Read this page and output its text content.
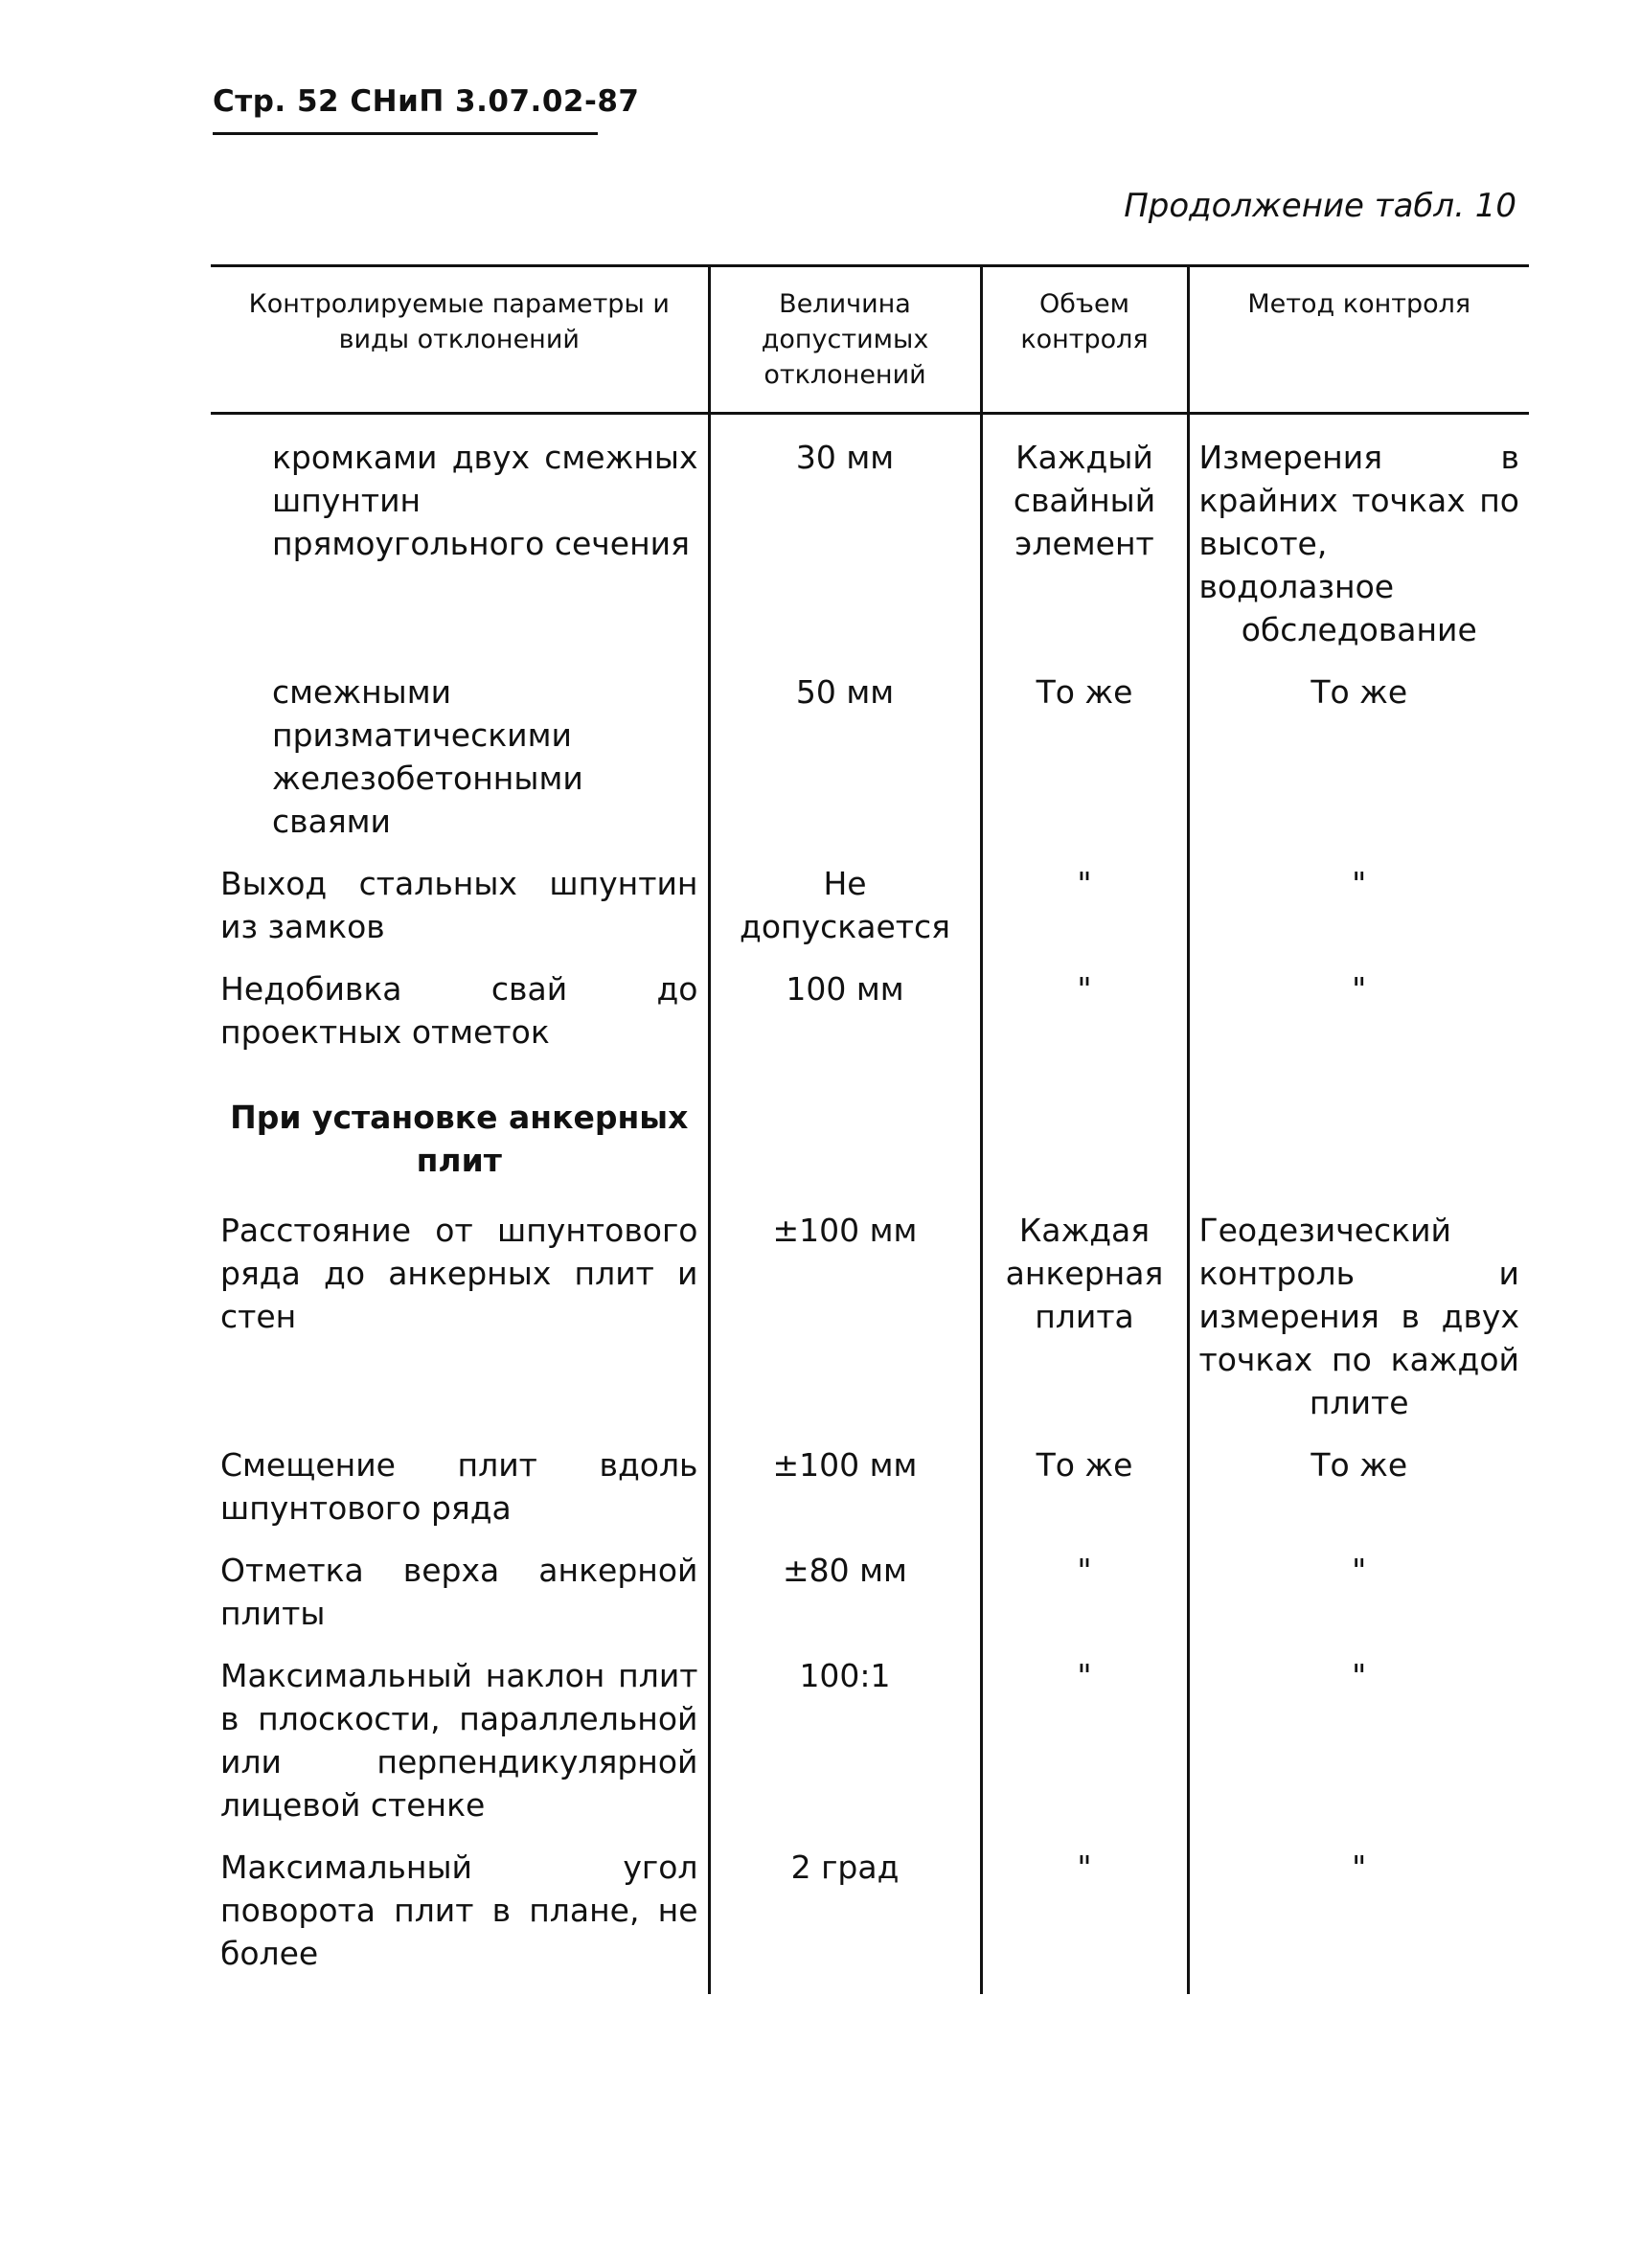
Стр. 52 СНиП 3.07.02-87
Продолжение табл. 10
Контролируемые параметры и виды отклонений	Величина допустимых отклонений	Объем контроля	Метод контроля
кромками двух смежных шпунтин прямоугольного сечения	30 мм	Каждый свайный элемент	Измерения в крайних точках по высоте, водолазное обследование
смежными призматическими железобетонными сваями	50 мм	То же	То же
Выход стальных шпунтин из замков	Не допускается	"	"
Недобивка свай до проектных отметок	100 мм	"	"
При установке анкерных плит			
Расстояние от шпунтового ряда до анкерных плит и стен	±100 мм	Каждая анкерная плита	Геодезический контроль и измерения в двух точках по каждой плите
Смещение плит вдоль шпунтового ряда	±100 мм	То же	То же
Отметка верха анкерной плиты	±80 мм	"	"
Максимальный наклон плит в плоскости, параллельной или перпендикулярной лицевой стенке	100:1	"	"
Максимальный угол поворота плит в плане, не более	2 град	"	"
